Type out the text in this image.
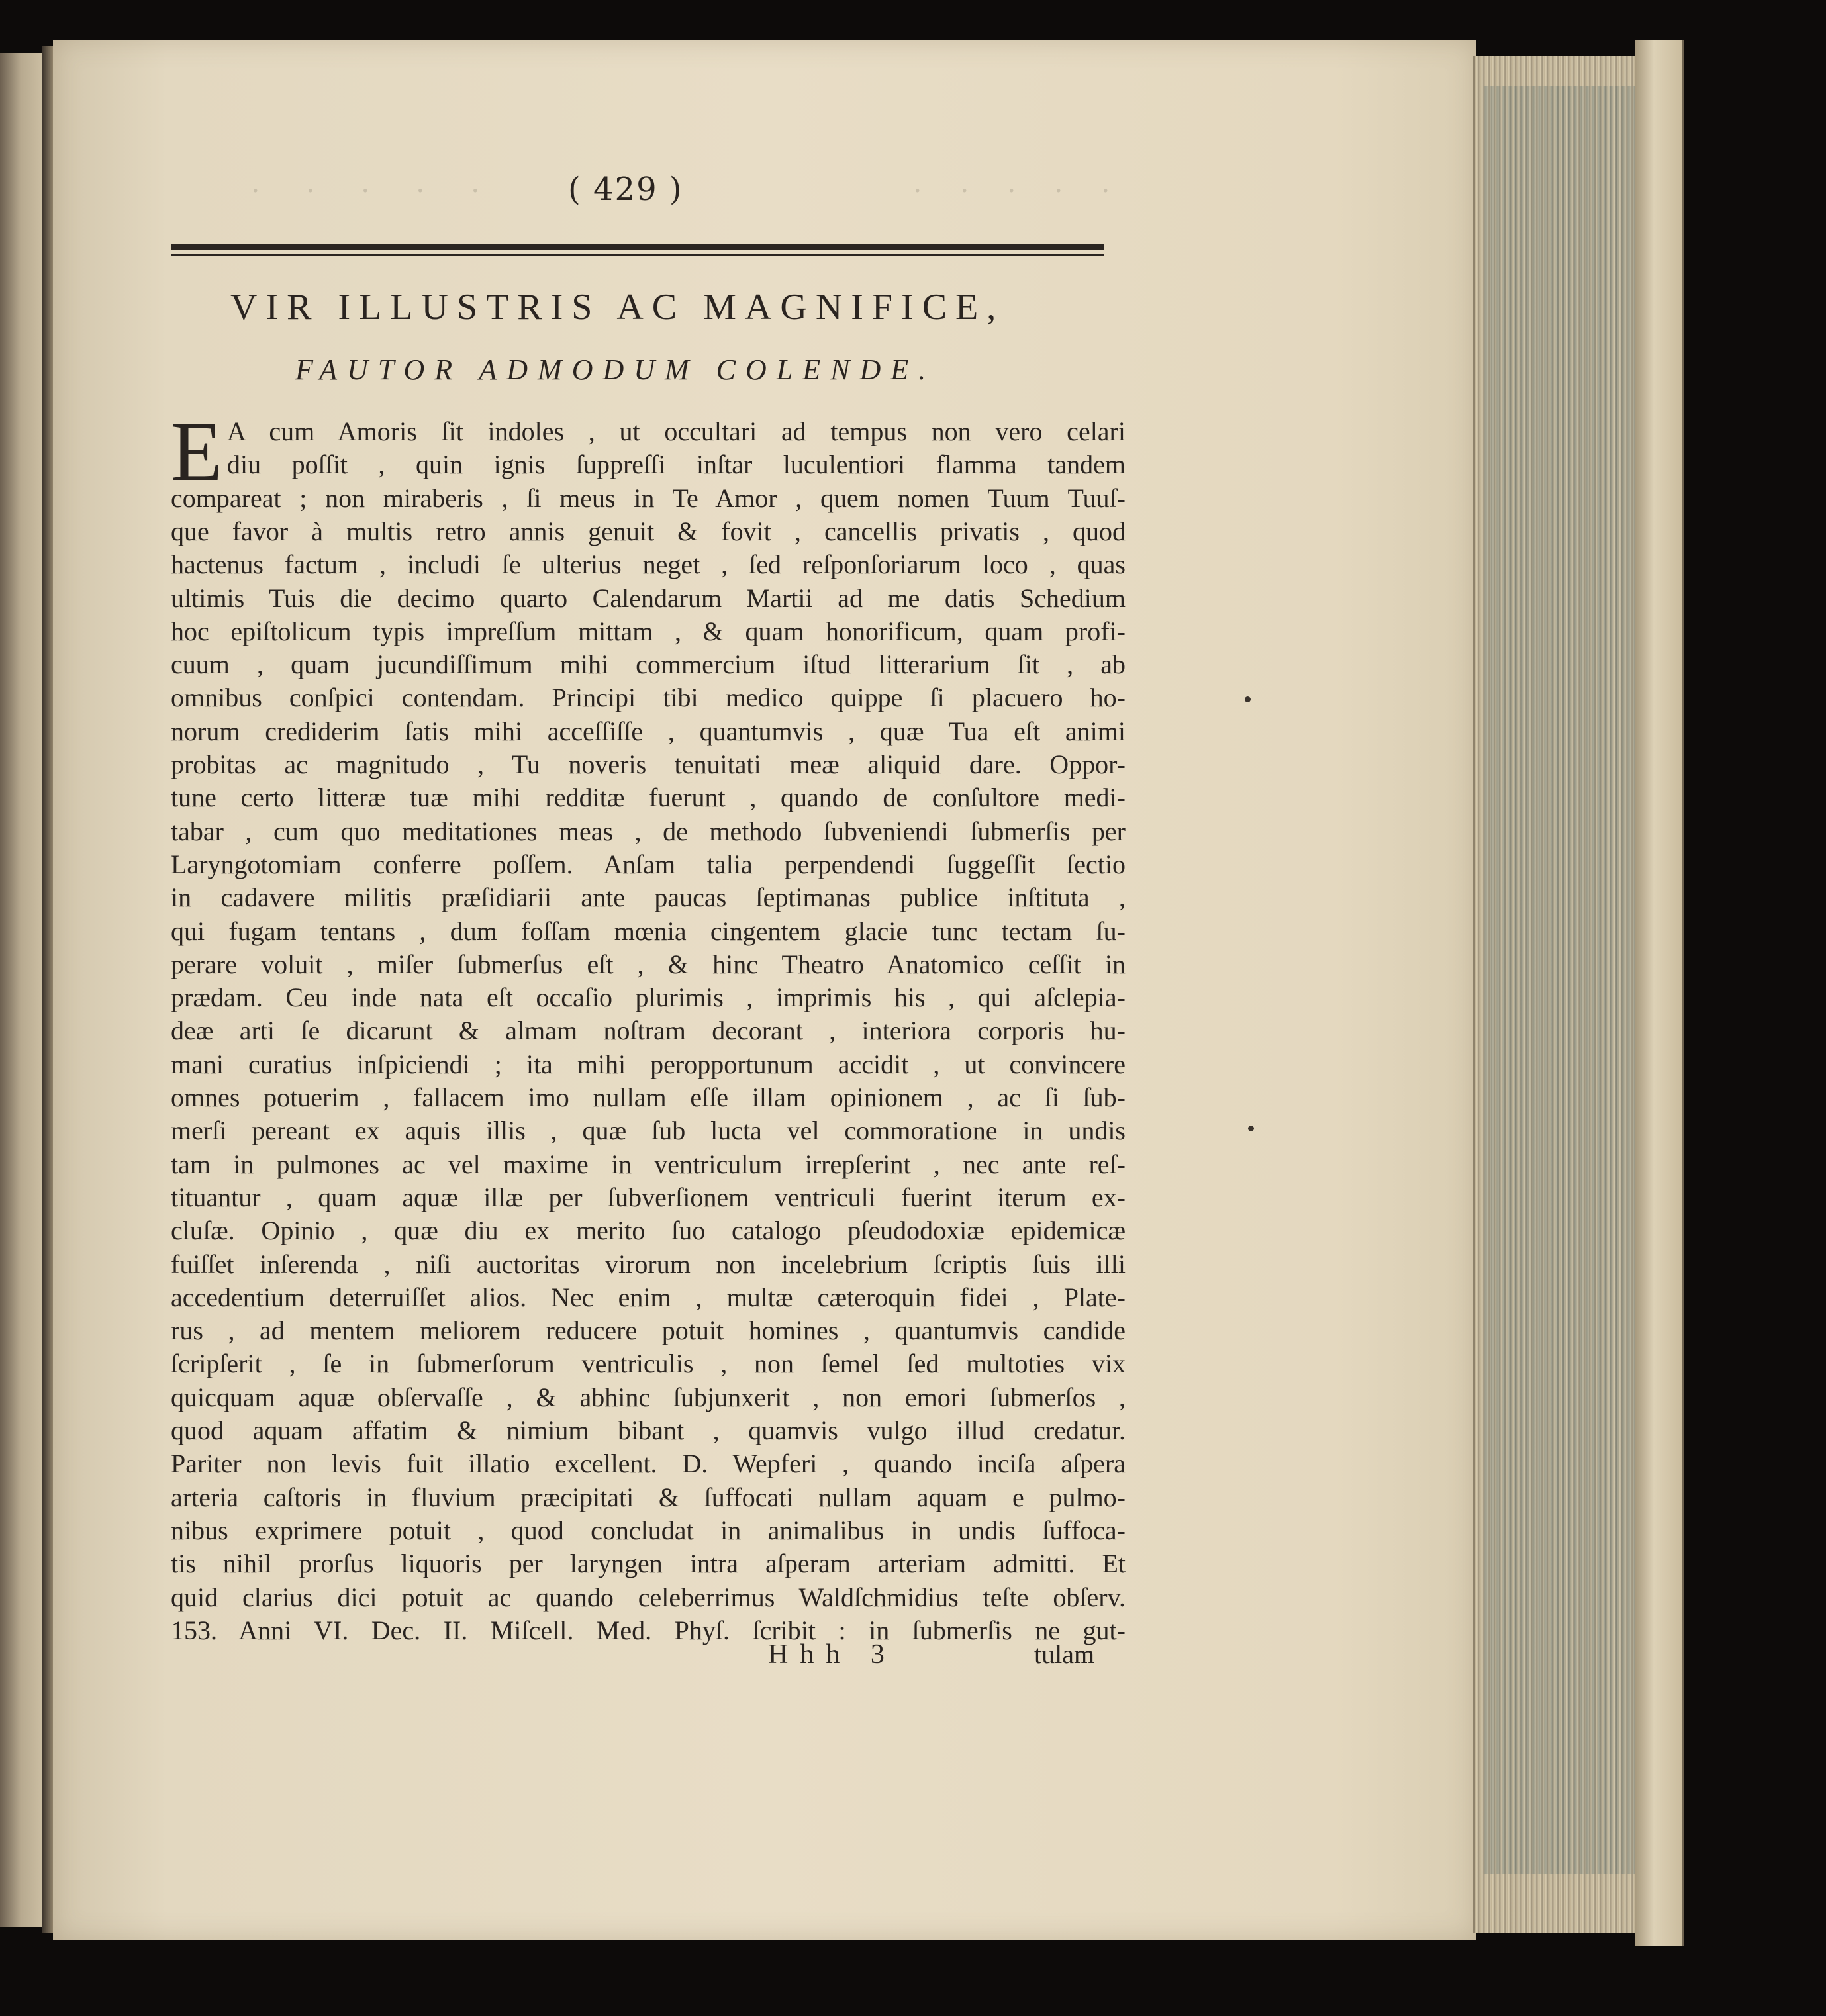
. . . . .	. . . . .
( 429 )
VIR ILLUSTRIS AC MAGNIFICE,
FAUTOR ADMODUM COLENDE.
E A cum Amoris ſit indoles , ut occultari ad tempus non vero celari
diu poſſit , quin ignis ſuppreſſi inſtar luculentiori flamma tandem
compareat ; non miraberis , ſi meus in Te Amor , quem nomen Tuum Tuuſ-
que favor à multis retro annis genuit & fovit , cancellis privatis , quod
hactenus factum , includi ſe ulterius neget , ſed reſponſoriarum loco , quas
ultimis Tuis die decimo quarto Calendarum Martii ad me datis Schedium
hoc epiſtolicum typis impreſſum mittam , & quam honorificum, quam profi-
cuum , quam jucundiſſimum mihi commercium iſtud litterarium ſit , ab
omnibus conſpici contendam. Principi tibi medico quippe ſi placuero ho-
norum crediderim ſatis mihi acceſſiſſe , quantumvis , quæ Tua eſt animi
probitas ac magnitudo , Tu noveris tenuitati meæ aliquid dare. Oppor-
tune certo litteræ tuæ mihi redditæ fuerunt , quando de conſultore medi-
tabar , cum quo meditationes meas , de methodo ſubveniendi ſubmerſis per
Laryngotomiam conferre poſſem. Anſam talia perpendendi ſuggeſſit ſectio
in cadavere militis præſidiarii ante paucas ſeptimanas publice inſtituta ,
qui fugam tentans , dum foſſam mœnia cingentem glacie tunc tectam ſu-
perare voluit , miſer ſubmerſus eſt , & hinc Theatro Anatomico ceſſit in
prædam. Ceu inde nata eſt occaſio plurimis , imprimis his , qui aſclepia-
deæ arti ſe dicarunt & almam noſtram decorant , interiora corporis hu-
mani curatius inſpiciendi ; ita mihi peropportunum accidit , ut convincere
omnes potuerim , fallacem imo nullam eſſe illam opinionem , ac ſi ſub-
merſi pereant ex aquis illis , quæ ſub lucta vel commoratione in undis
tam in pulmones ac vel maxime in ventriculum irrepſerint , nec ante reſ-
tituantur , quam aquæ illæ per ſubverſionem ventriculi fuerint iterum ex-
cluſæ. Opinio , quæ diu ex merito ſuo catalogo pſeudodoxiæ epidemicæ
fuiſſet inſerenda , niſi auctoritas virorum non incelebrium ſcriptis ſuis illi
accedentium deterruiſſet alios. Nec enim , multæ cæteroquin fidei , Plate-
rus , ad mentem meliorem reducere potuit homines , quantumvis candide
ſcripſerit , ſe in ſubmerſorum ventriculis , non ſemel ſed multoties vix
quicquam aquæ obſervaſſe , & abhinc ſubjunxerit , non emori ſubmerſos ,
quod aquam affatim & nimium bibant , quamvis vulgo illud credatur.
Pariter non levis fuit illatio excellent. D. Wepferi , quando inciſa aſpera
arteria caſtoris in fluvium præcipitati & ſuffocati nullam aquam e pulmo-
nibus exprimere potuit , quod concludat in animalibus in undis ſuffoca-
tis nihil prorſus liquoris per laryngen intra aſperam arteriam admitti. Et
quid clarius dici potuit ac quando celeberrimus Waldſchmidius teſte obſerv.
153. Anni VI. Dec. II. Miſcell. Med. Phyſ. ſcribit : in ſubmerſis ne gut-
Hhh 3	tulam
